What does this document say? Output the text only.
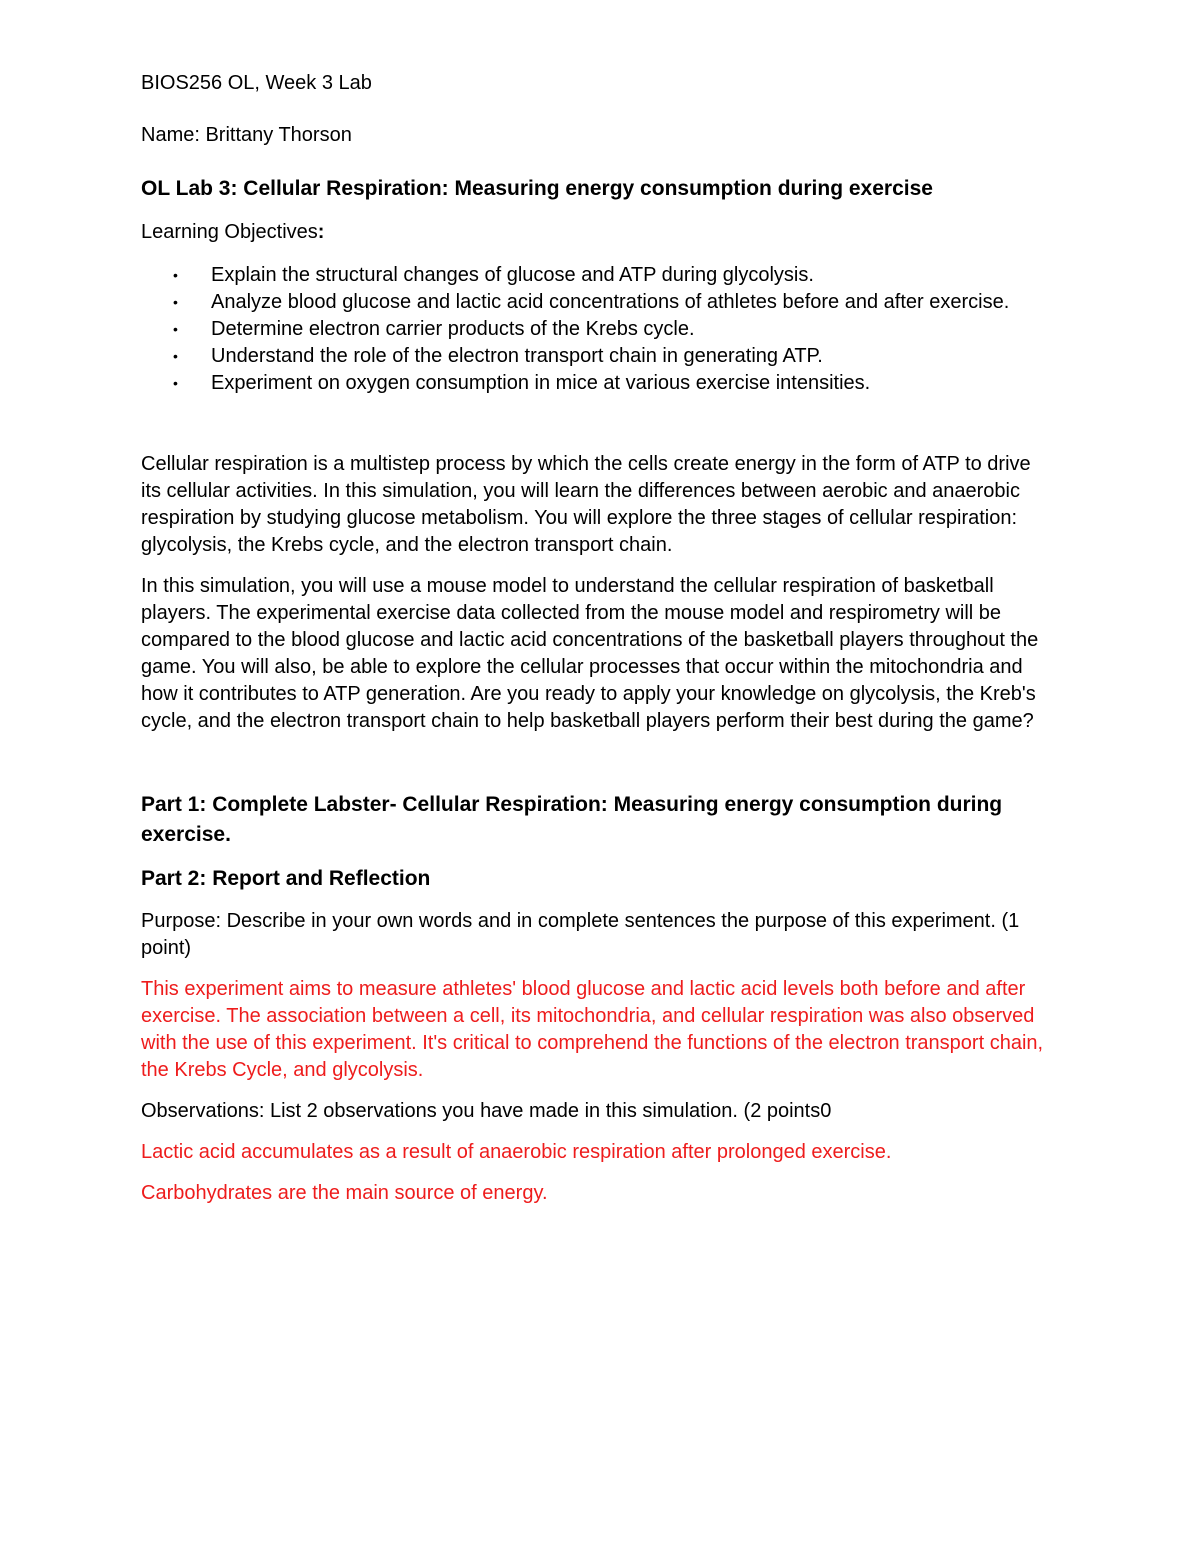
BIOS256 OL, Week 3 Lab

Name: Brittany Thorson

OL Lab 3: Cellular Respiration: Measuring energy consumption during exercise

Learning Objectives:

• Explain the structural changes of glucose and ATP during glycolysis.
• Analyze blood glucose and lactic acid concentrations of athletes before and after exercise.
• Determine electron carrier products of the Krebs cycle.
• Understand the role of the electron transport chain in generating ATP.
• Experiment on oxygen consumption in mice at various exercise intensities.

Cellular respiration is a multistep process by which the cells create energy in the form of ATP to drive its cellular activities. In this simulation, you will learn the differences between aerobic and anaerobic respiration by studying glucose metabolism. You will explore the three stages of cellular respiration: glycolysis, the Krebs cycle, and the electron transport chain.

In this simulation, you will use a mouse model to understand the cellular respiration of basketball players. The experimental exercise data collected from the mouse model and respirometry will be compared to the blood glucose and lactic acid concentrations of the basketball players throughout the game. You will also, be able to explore the cellular processes that occur within the mitochondria and how it contributes to ATP generation. Are you ready to apply your knowledge on glycolysis, the Kreb's cycle, and the electron transport chain to help basketball players perform their best during the game?

Part 1: Complete Labster- Cellular Respiration: Measuring energy consumption during exercise.

Part 2: Report and Reflection

Purpose: Describe in your own words and in complete sentences the purpose of this experiment. (1 point)

This experiment aims to measure athletes' blood glucose and lactic acid levels both before and after exercise. The association between a cell, its mitochondria, and cellular respiration was also observed with the use of this experiment. It's critical to comprehend the functions of the electron transport chain, the Krebs Cycle, and glycolysis.

Observations: List 2 observations you have made in this simulation. (2 points0

Lactic acid accumulates as a result of anaerobic respiration after prolonged exercise.

Carbohydrates are the main source of energy.
